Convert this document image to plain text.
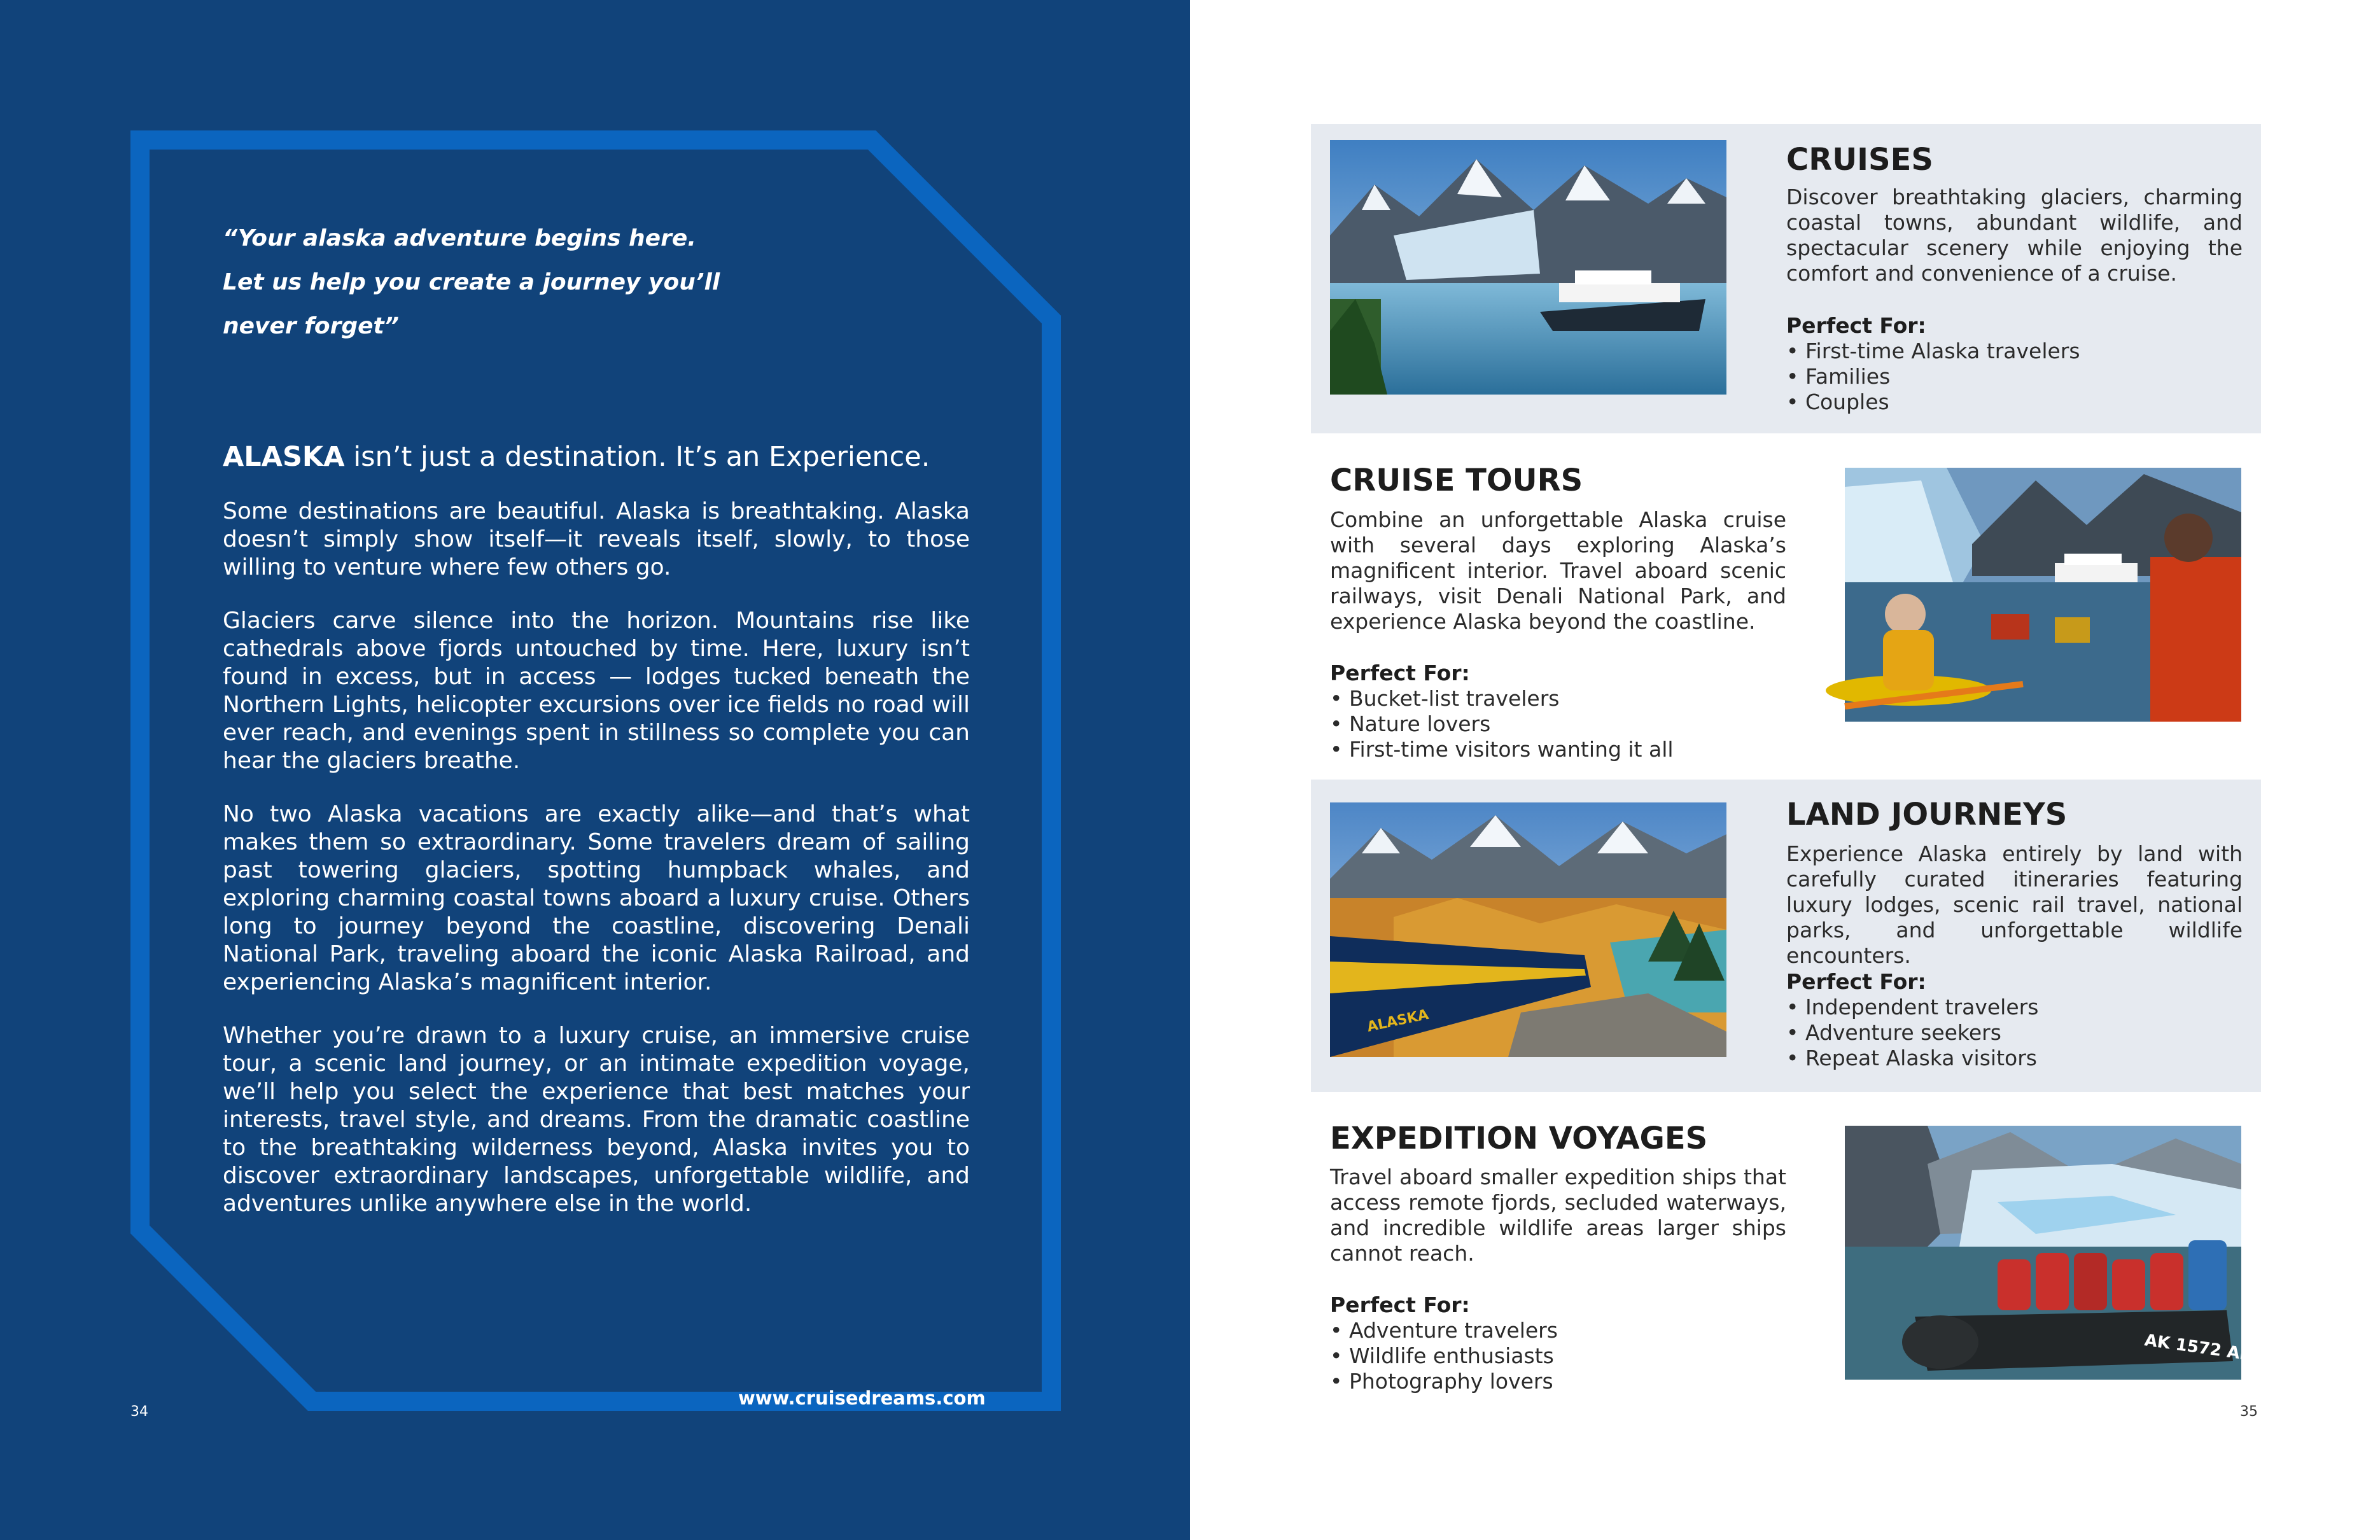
“Your alaska adventure begins here.
Let us help you create a journey you’ll
never forget”
ALASKA isn’t just a destination. It’s an Experience.

Some destinations are beautiful. Alaska is breathtaking. Alaska doesn’t simply show itself—it reveals itself, slowly, to those willing to venture where few others go.

Glaciers carve silence into the horizon. Mountains rise like cathedrals above fjords untouched by time. Here, luxury isn’t found in excess, but in access — lodges tucked beneath the Northern Lights, helicopter excursions over ice fields no road will ever reach, and evenings spent in stillness so complete you can hear the glaciers breathe.

No two Alaska vacations are exactly alike—and that’s what makes them so extraordinary. Some travelers dream of sailing past towering glaciers, spotting humpback whales, and exploring charming coastal towns aboard a luxury cruise. Others long to journey beyond the coastline, discovering Denali National Park, traveling aboard the iconic Alaska Railroad, and experiencing Alaska’s magnificent interior.

Whether you’re drawn to a luxury cruise, an immersive cruise tour, a scenic land journey, or an intimate expedition voyage, we’ll help you select the experience that best matches your interests, travel style, and dreams. From the dramatic coastline to the breathtaking wilderness beyond, Alaska invites you to discover extraordinary landscapes, unforgettable wildlife, and adventures unlike anywhere else in the world.

www.cruisedreams.com
34
CRUISES
Discover breathtaking glaciers, charming coastal towns, abundant wildlife, and spectacular scenery while enjoying the comfort and convenience of a cruise.
Perfect For:
• First-time Alaska travelers
• Families
• Couples
CRUISE TOURS
Combine an unforgettable Alaska cruise with several days exploring Alaska’s magnificent interior. Travel aboard scenic railways, visit Denali National Park, and experience Alaska beyond the coastline.
Perfect For:
• Bucket-list travelers
• Nature lovers
• First-time visitors wanting it all
ALASKA
LAND JOURNEYS
Experience Alaska entirely by land with carefully curated itineraries featuring luxury lodges, scenic rail travel, national parks, and unforgettable wildlife encounters.
Perfect For:
• Independent travelers
• Adventure seekers
• Repeat Alaska visitors
EXPEDITION VOYAGES
Travel aboard smaller expedition ships that access remote fjords, secluded waterways, and incredible wildlife areas larger ships cannot reach.
Perfect For:
• Adventure travelers
• Wildlife enthusiasts
• Photography lovers
AK 1572 AN
35
